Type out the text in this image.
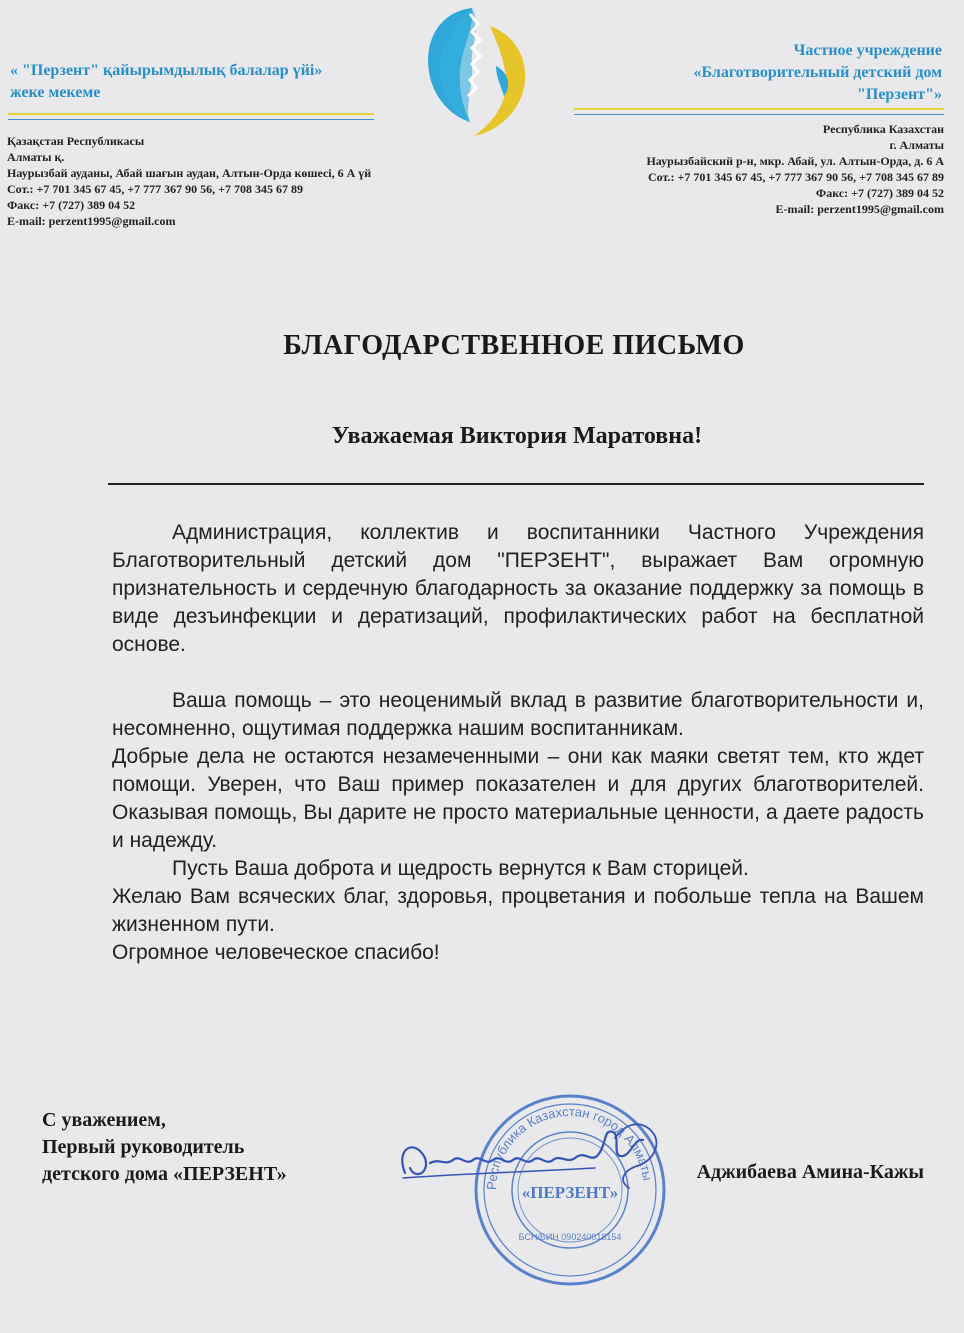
« "Перзент" қайырымдылық балалар үйі»
жеке мекеме
Қазақстан Республикасы
Алматы қ.
Наурызбай ауданы, Абай шағын аудан, Алтын-Орда көшесі, 6 А үй
Сот.: +7 701 345 67 45, +7 777 367 90 56, +7 708 345 67 89
Факс: +7 (727) 389 04 52
E-mail: perzent1995@gmail.com
Частное учреждение
«Благотворительный детский дом
"Перзент"»
Республика Казахстан
г. Алматы
Наурызбайский р-н, мкр. Абай, ул. Алтын-Орда, д. 6 А
Сот.: +7 701 345 67 45, +7 777 367 90 56, +7 708 345 67 89
Факс: +7 (727) 389 04 52
E-mail: perzent1995@gmail.com
БЛАГОДАРСТВЕННОЕ ПИСЬМО
Уважаемая Виктория Маратовна!

Администрация, коллектив и воспитанники Частного Учреждения Благотворительный детский дом "ПЕРЗЕНТ", выражает Вам огромную признательность и сердечную благодарность за оказание поддержку за помощь в виде дезъинфекции и дератизаций, профилактических работ на бесплатной основе.

Ваша помощь – это неоценимый вклад в развитие благотворительности и, несомненно, ощутимая поддержка нашим воспитанникам.

Добрые дела не остаются незамеченными – они как маяки светят тем, кто ждет помощи. Уверен, что Ваш пример показателен и для других благотворителей. Оказывая помощь, Вы дарите не просто материальные ценности, а даете радость и надежду.

Пусть Ваша доброта и щедрость вернутся к Вам сторицей.

Желаю Вам всяческих благ, здоровья, процветания и побольше тепла на Вашем жизненном пути.

Огромное человеческое спасибо!

С уважением,
Первый руководитель
детского дома «ПЕРЗЕНТ»
Республика Казахстан город Алматы
«ПЕРЗЕНТ»
БСН/БИН 090240018154
Аджибаева Амина-Кажы
